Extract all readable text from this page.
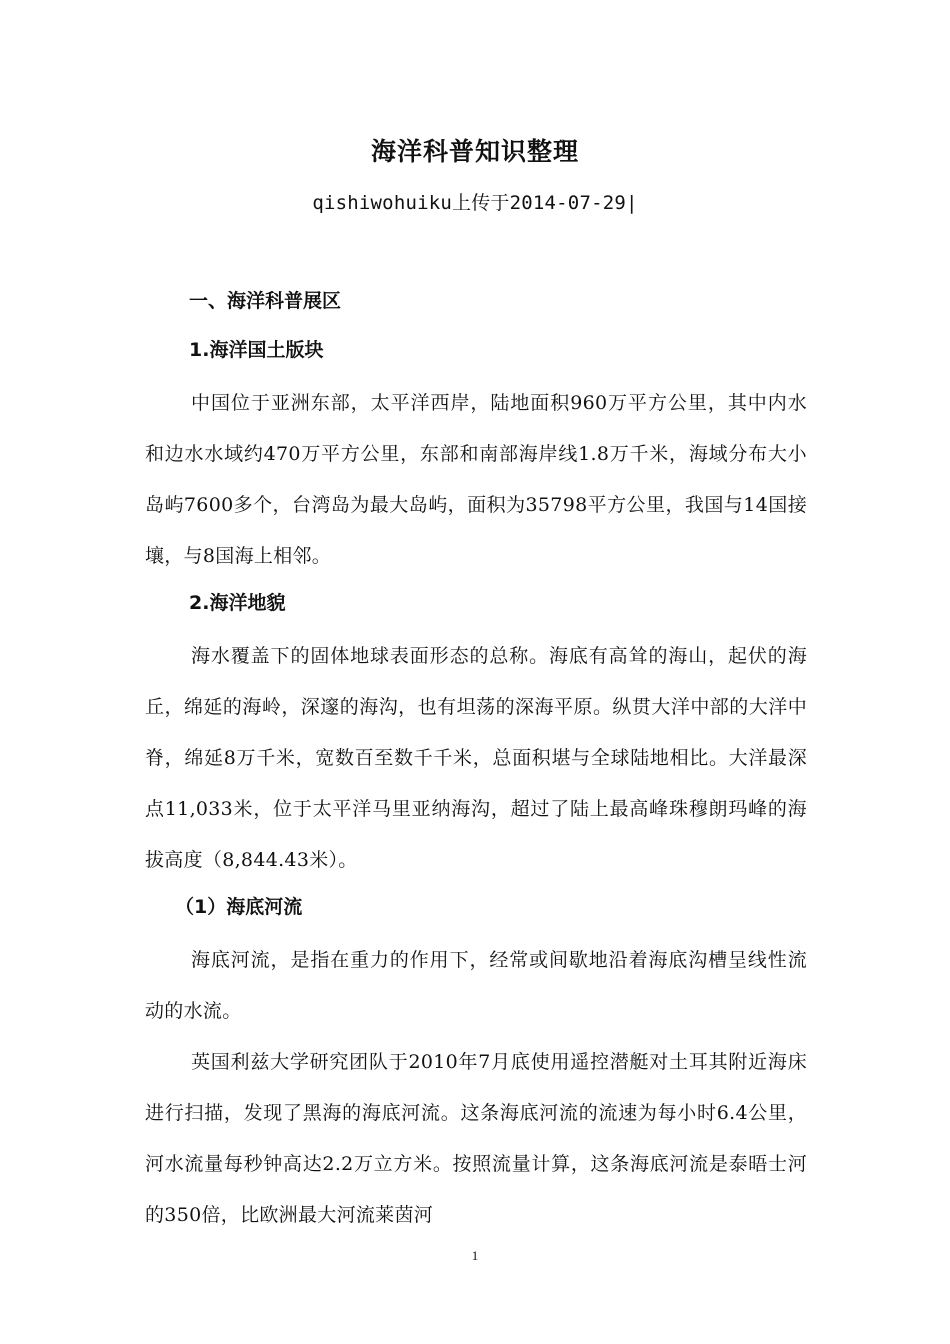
海洋科普知识整理
qishiwohuiku上传于2014-07-29|
一、海洋科普展区
1.海洋国土版块
中国位于亚洲东部，太平洋西岸，陆地面积960万平方公里，其中内水和边水水域约470万平方公里，东部和南部海岸线1.8万千米，海域分布大小岛屿7600多个，台湾岛为最大岛屿，面积为35798平方公里，我国与14国接壤，与8国海上相邻。
2.海洋地貌
海水覆盖下的固体地球表面形态的总称。海底有高耸的海山，起伏的海丘，绵延的海岭，深邃的海沟，也有坦荡的深海平原。纵贯大洋中部的大洋中脊，绵延8万千米，宽数百至数千千米，总面积堪与全球陆地相比。大洋最深点11,033米，位于太平洋马里亚纳海沟，超过了陆上最高峰珠穆朗玛峰的海拔高度（8,844.43米）。
（1）海底河流
海底河流，是指在重力的作用下，经常或间歇地沿着海底沟槽呈线性流动的水流。
英国利兹大学研究团队于2010年7月底使用遥控潜艇对土耳其附近海床进行扫描，发现了黑海的海底河流。这条海底河流的流速为每小时6.4公里，河水流量每秒钟高达2.2万立方米。按照流量计算，这条海底河流是泰晤士河的350倍，比欧洲最大河流莱茵河
1
